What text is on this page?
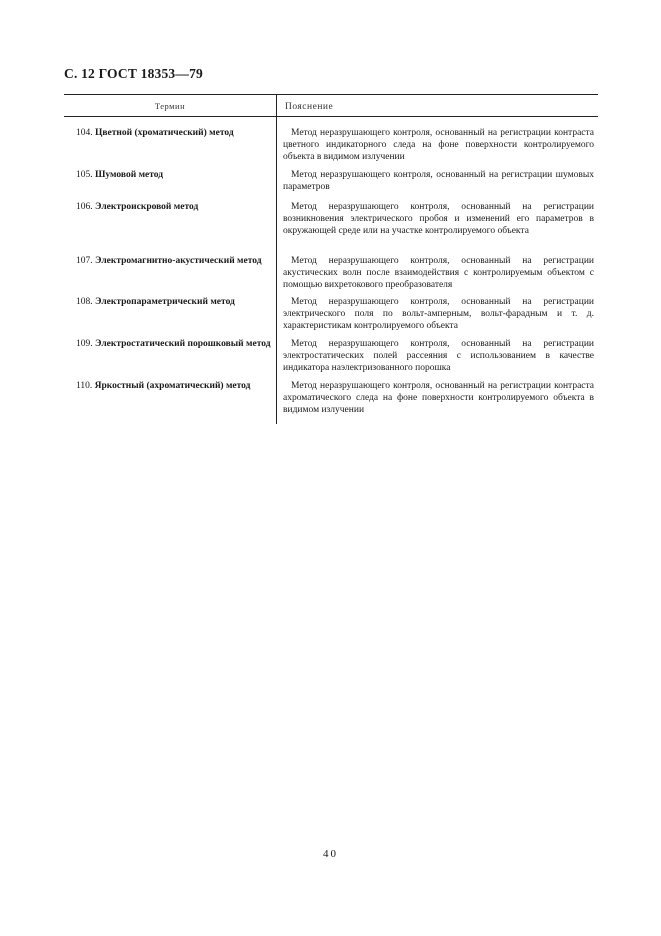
С. 12 ГОСТ 18353—79
Термин	Пояснение
104. Цветной (хроматический) метод	Метод неразрушающего контроля, основанный на регистрации контраста цветного индикаторного следа на фоне поверхности контролируемого объекта в видимом излучении
105. Шумовой метод	Метод неразрушающего контроля, основанный на регистрации шумовых параметров
106. Электроискровой метод	Метод неразрушающего контроля, основанный на регистрации возникновения электрического пробоя и изменений его параметров в окружающей среде или на участке контролируемого объекта
107. Электромагнитно-акустический метод	Метод неразрушающего контроля, основанный на регистрации акустических волн после взаимодействия с контролируемым объектом с помощью вихретокового преобразователя
108. Электропараметрический метод	Метод неразрушающего контроля, основанный на регистрации электрического поля по вольт-амперным, вольт-фарадным и т. д. характеристикам контролируемого объекта
109. Электростатический порошковый метод	Метод неразрушающего контроля, основанный на регистрации электростатических полей рассеяния с использованием в качестве индикатора наэлектризованного порошка
110. Яркостный (ахроматический) метод	Метод неразрушающего контроля, основанный на регистрации контраста ахроматического следа на фоне поверхности контролируемого объекта в видимом излучении
40
